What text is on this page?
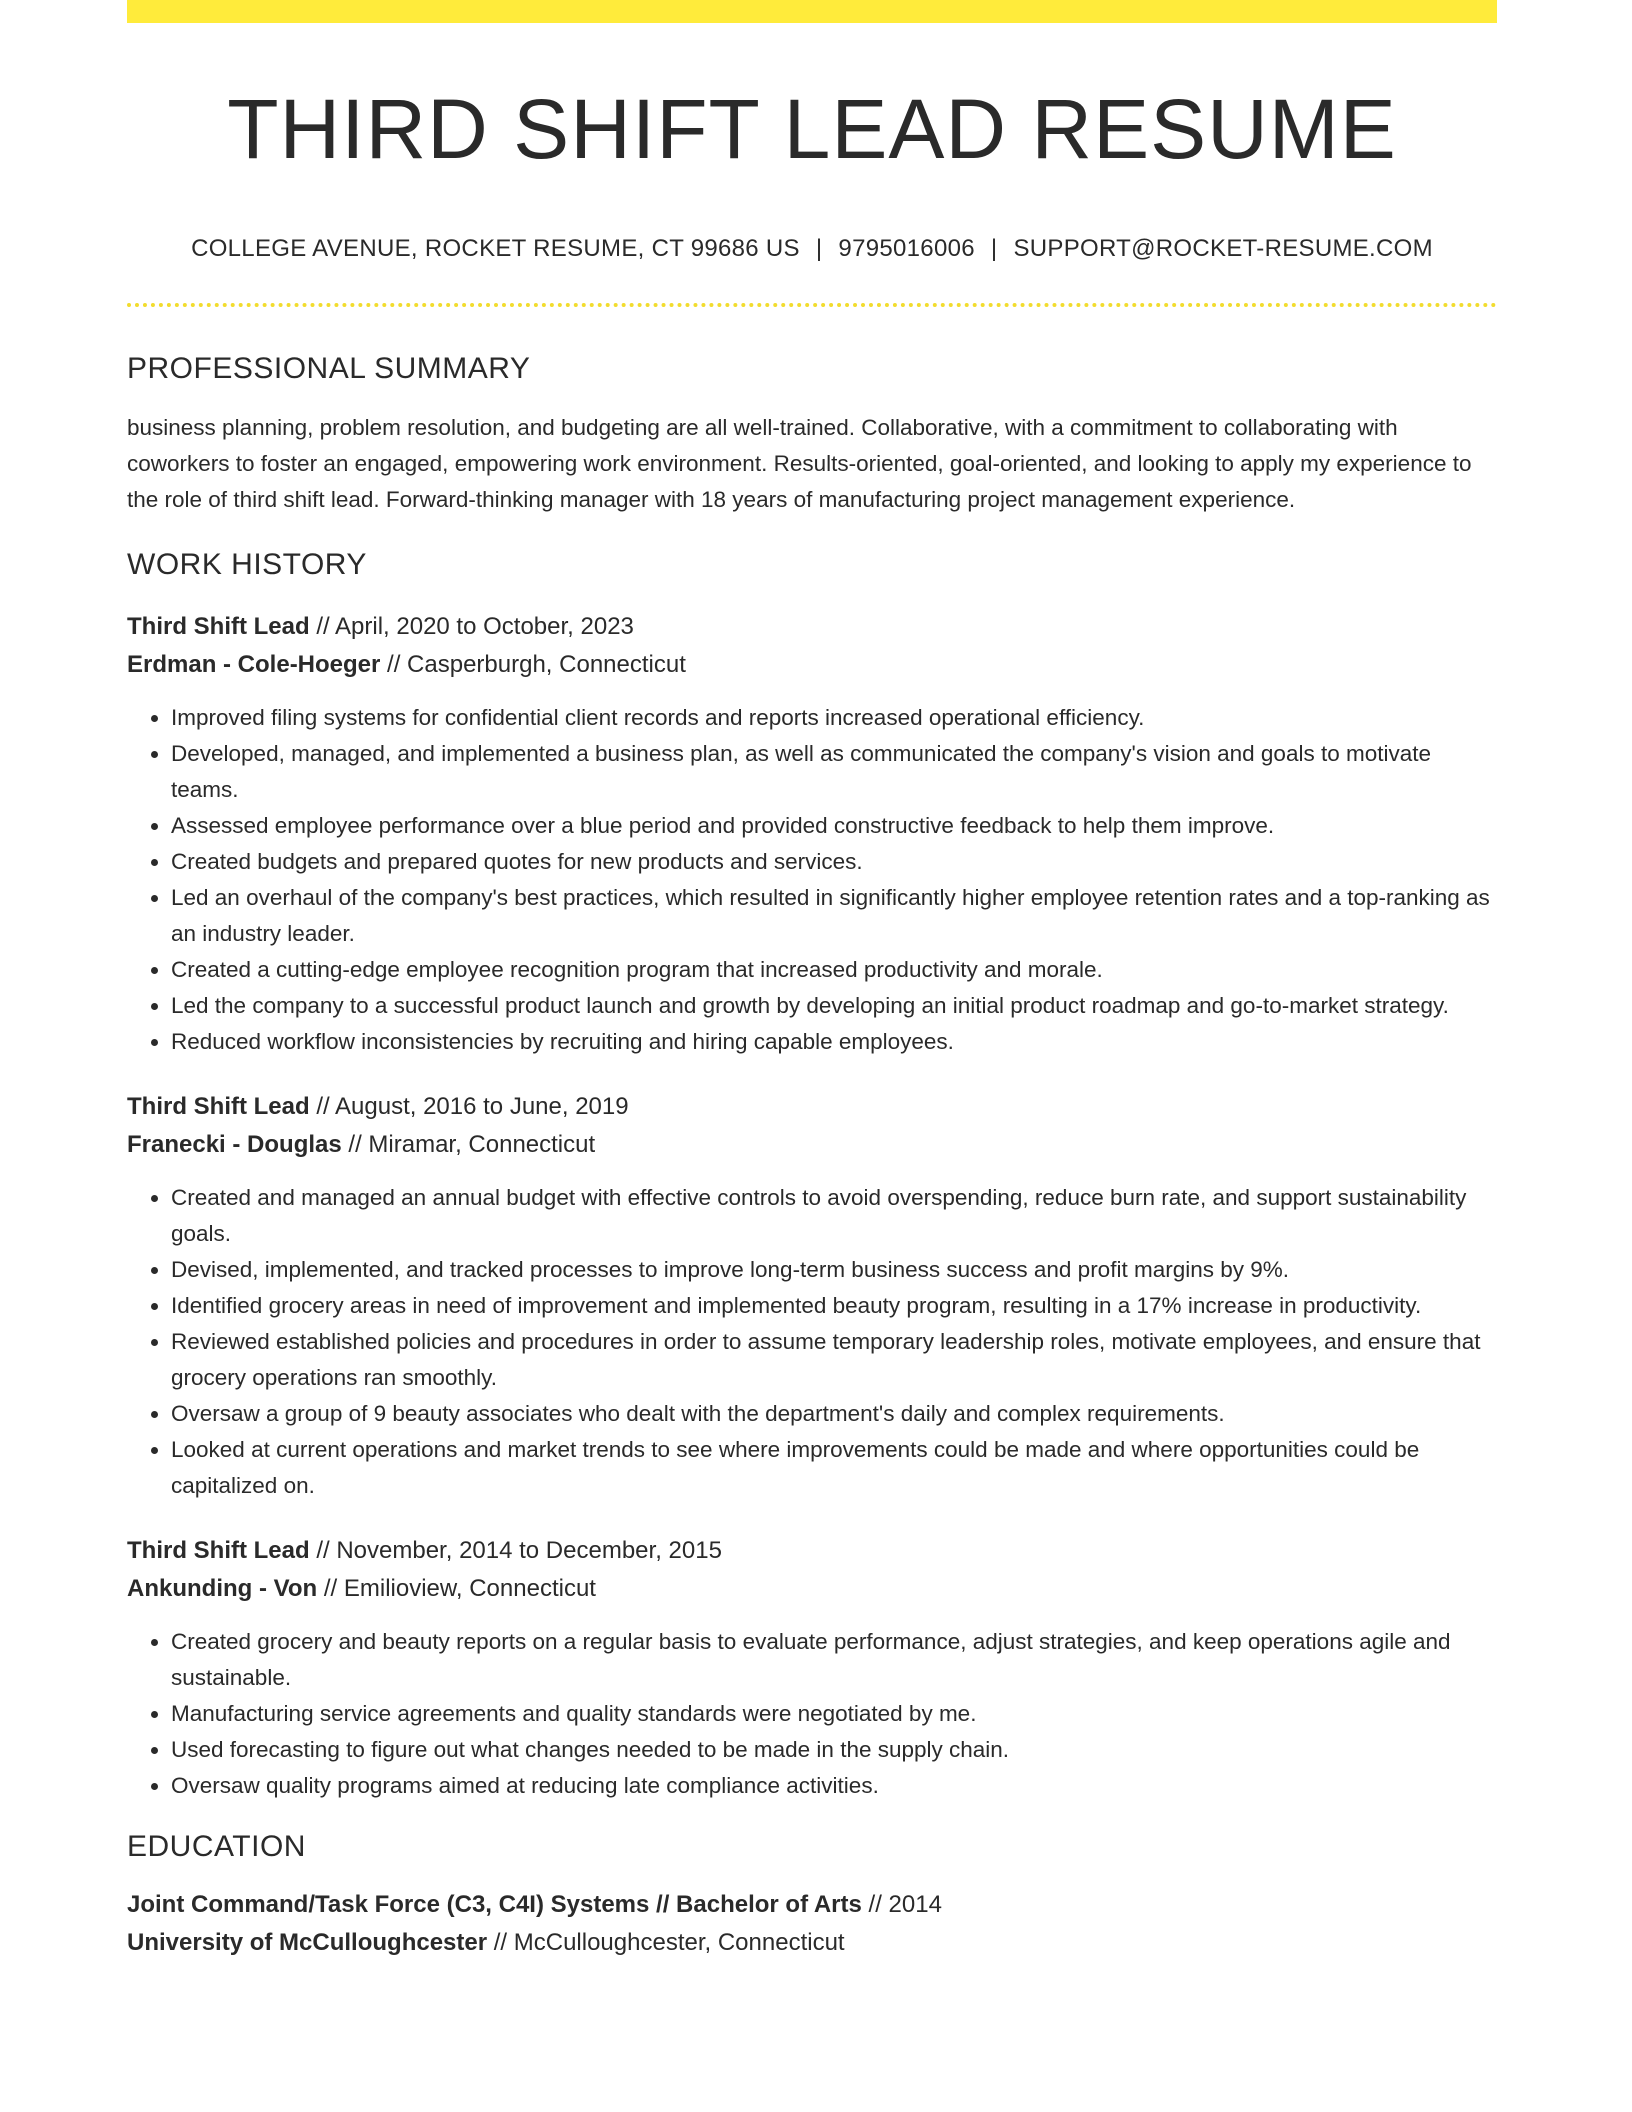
THIRD SHIFT LEAD RESUME
COLLEGE AVENUE, ROCKET RESUME, CT 99686 US | 9795016006 | SUPPORT@ROCKET-RESUME.COM
PROFESSIONAL SUMMARY

business planning, problem resolution, and budgeting are all well-trained. Collaborative, with a commitment to collaborating with coworkers to foster an engaged, empowering work environment. Results-oriented, goal-oriented, and looking to apply my experience to the role of third shift lead. Forward-thinking manager with 18 years of manufacturing project management experience.

WORK HISTORY
Third Shift Lead // April, 2020 to October, 2023
Erdman - Cole-Hoeger // Casperburgh, Connecticut
• Improved filing systems for confidential client records and reports increased operational efficiency.
• Developed, managed, and implemented a business plan, as well as communicated the company's vision and goals to motivate teams.
• Assessed employee performance over a blue period and provided constructive feedback to help them improve.
• Created budgets and prepared quotes for new products and services.
• Led an overhaul of the company's best practices, which resulted in significantly higher employee retention rates and a top-ranking as an industry leader.
• Created a cutting-edge employee recognition program that increased productivity and morale.
• Led the company to a successful product launch and growth by developing an initial product roadmap and go-to-market strategy.
• Reduced workflow inconsistencies by recruiting and hiring capable employees.
Third Shift Lead // August, 2016 to June, 2019
Franecki - Douglas // Miramar, Connecticut
• Created and managed an annual budget with effective controls to avoid overspending, reduce burn rate, and support sustainability goals.
• Devised, implemented, and tracked processes to improve long-term business success and profit margins by 9%.
• Identified grocery areas in need of improvement and implemented beauty program, resulting in a 17% increase in productivity.
• Reviewed established policies and procedures in order to assume temporary leadership roles, motivate employees, and ensure that grocery operations ran smoothly.
• Oversaw a group of 9 beauty associates who dealt with the department's daily and complex requirements.
• Looked at current operations and market trends to see where improvements could be made and where opportunities could be capitalized on.
Third Shift Lead // November, 2014 to December, 2015
Ankunding - Von // Emilioview, Connecticut
• Created grocery and beauty reports on a regular basis to evaluate performance, adjust strategies, and keep operations agile and sustainable.
• Manufacturing service agreements and quality standards were negotiated by me.
• Used forecasting to figure out what changes needed to be made in the supply chain.
• Oversaw quality programs aimed at reducing late compliance activities.
EDUCATION
Joint Command/Task Force (C3, C4I) Systems // Bachelor of Arts // 2014
University of McCulloughcester // McCulloughcester, Connecticut
